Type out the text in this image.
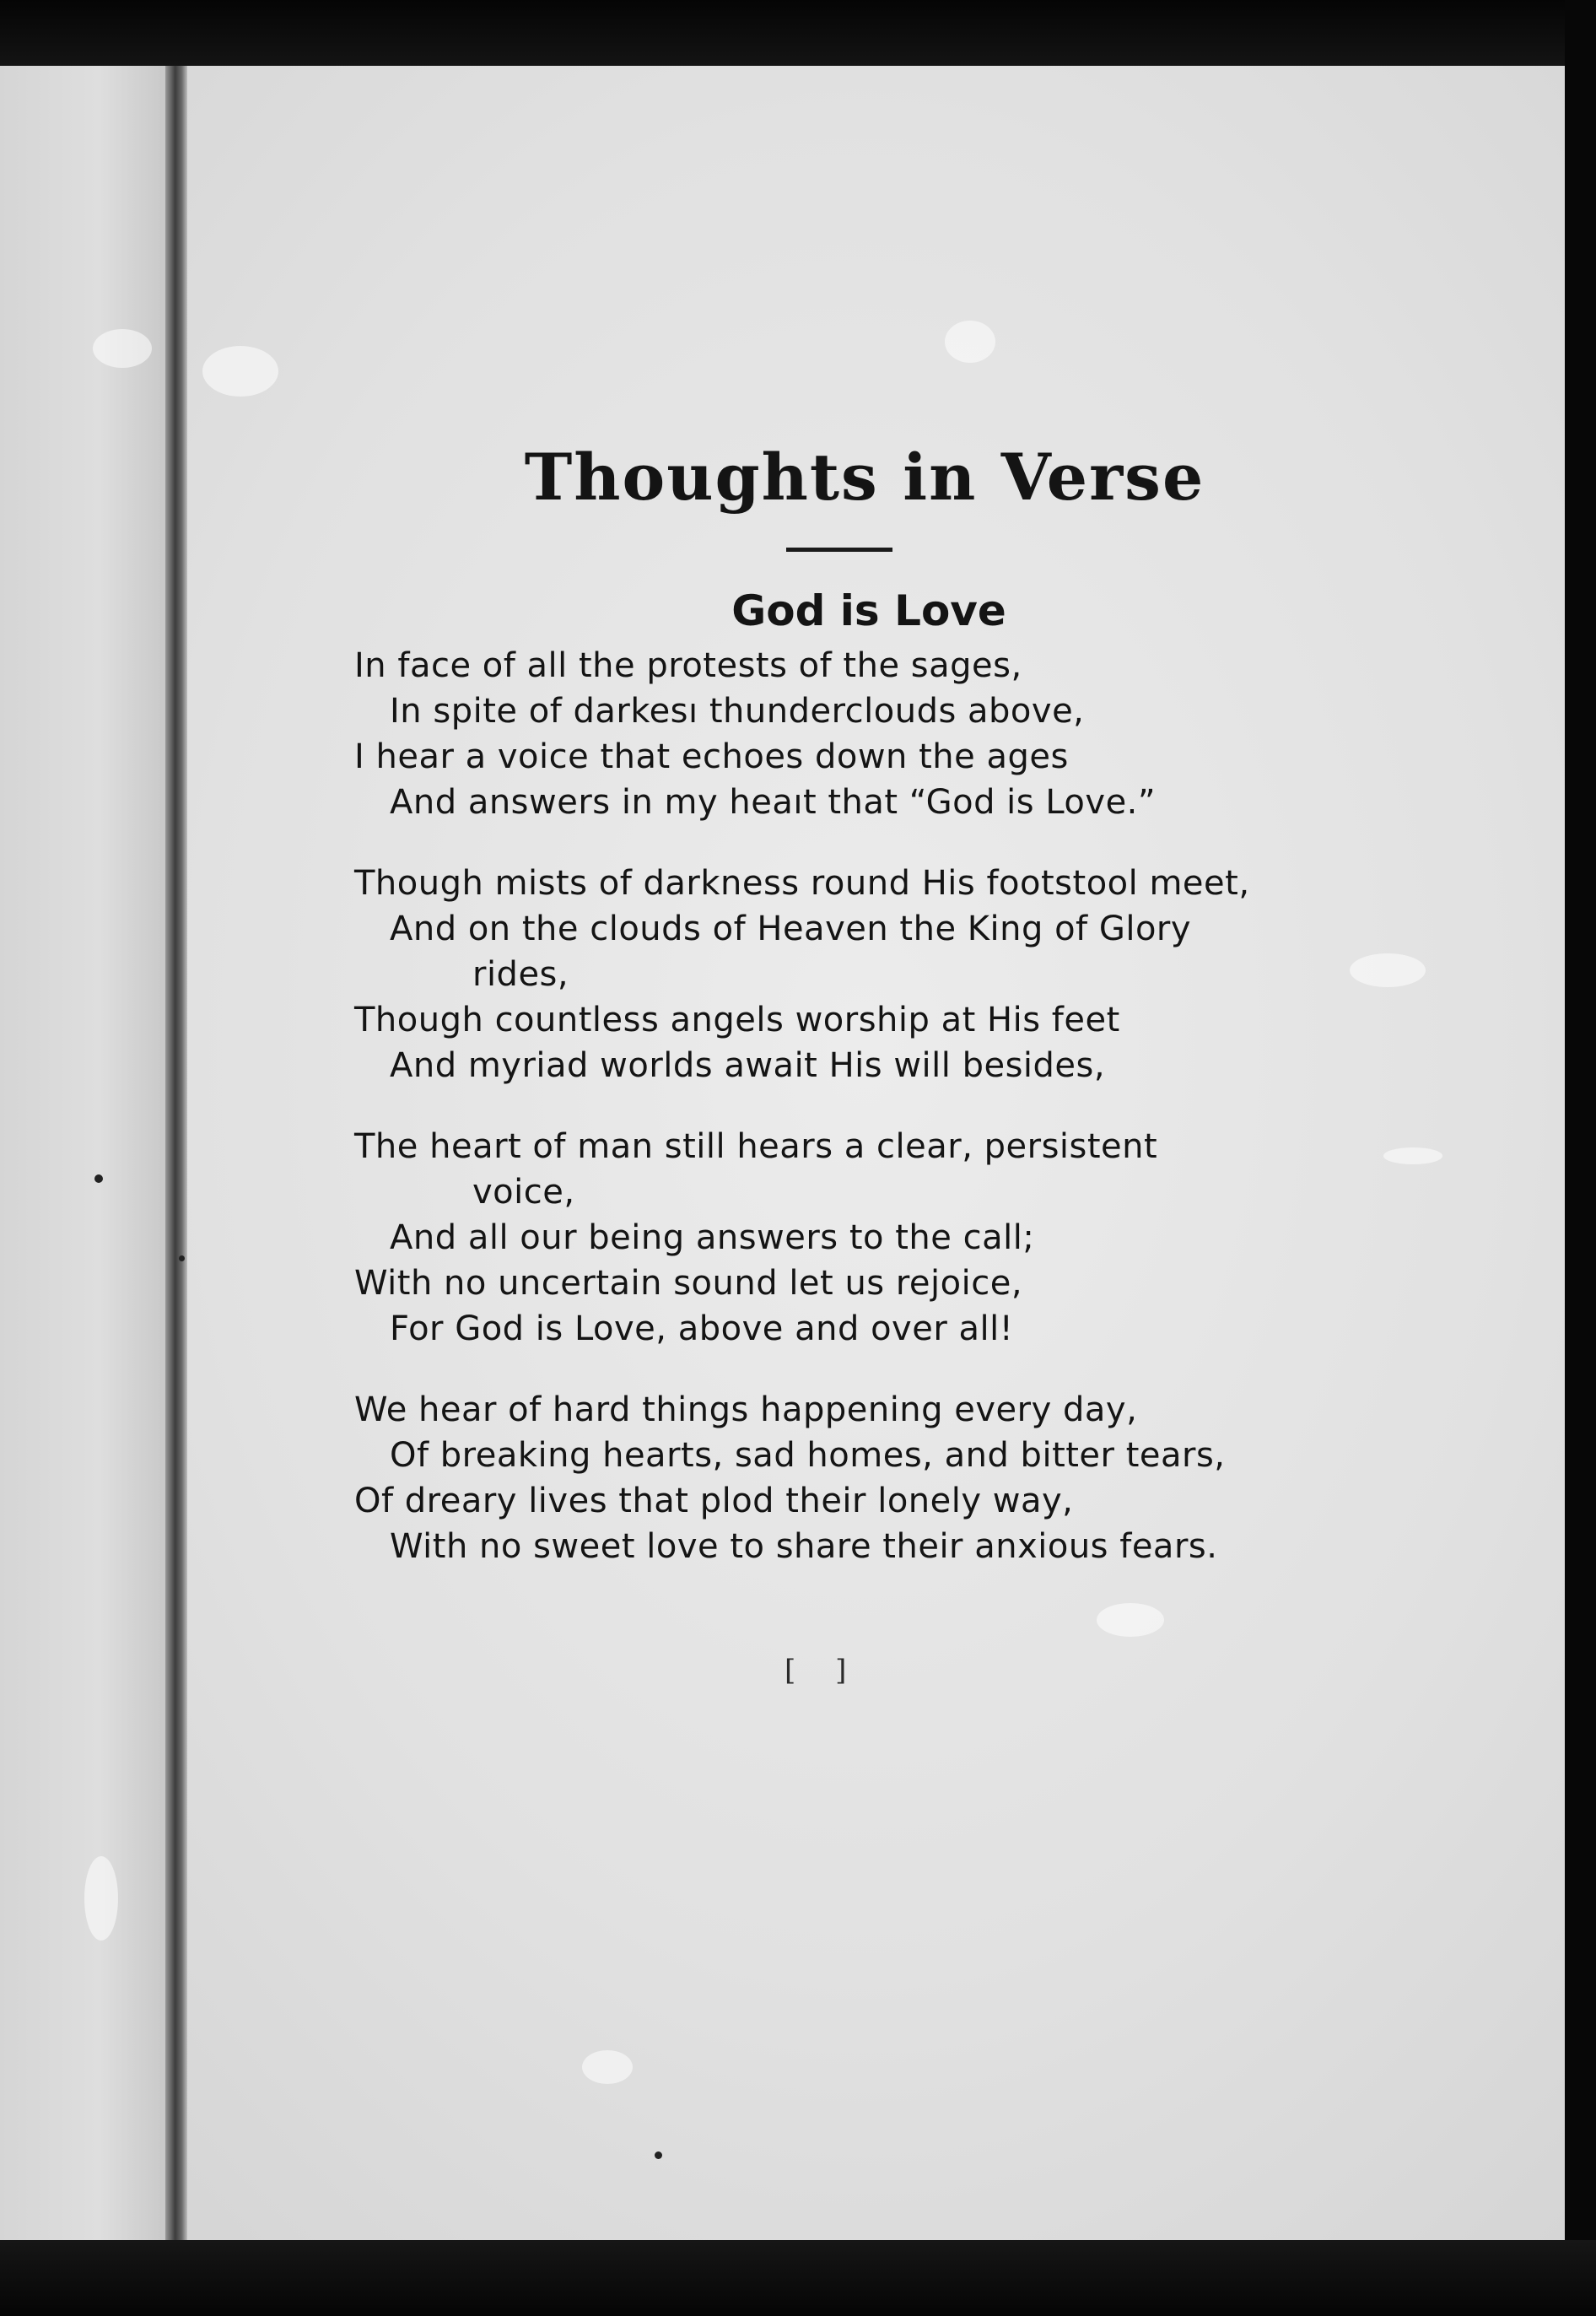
Thoughts in Verse
God is Love
In face of all the protests of the sages,
In spite of darkesı thunderclouds above,
I hear a voice that echoes down the ages
And answers in my heaıt that “God is Love.”
Though mists of darkness round His footstool meet,
And on the clouds of Heaven the King of Glory
rides,
Though countless angels worship at His feet
And myriad worlds await His will besides,
The heart of man still hears a clear, persistent
voice,
And all our being answers to the call;
With no uncertain sound let us rejoice,
For God is Love, above and over all!
We hear of hard things happening every day,
Of breaking hearts, sad homes, and bitter tears,
Of dreary lives that plod their lonely way,
With no sweet love to share their anxious fears.
[ ]
